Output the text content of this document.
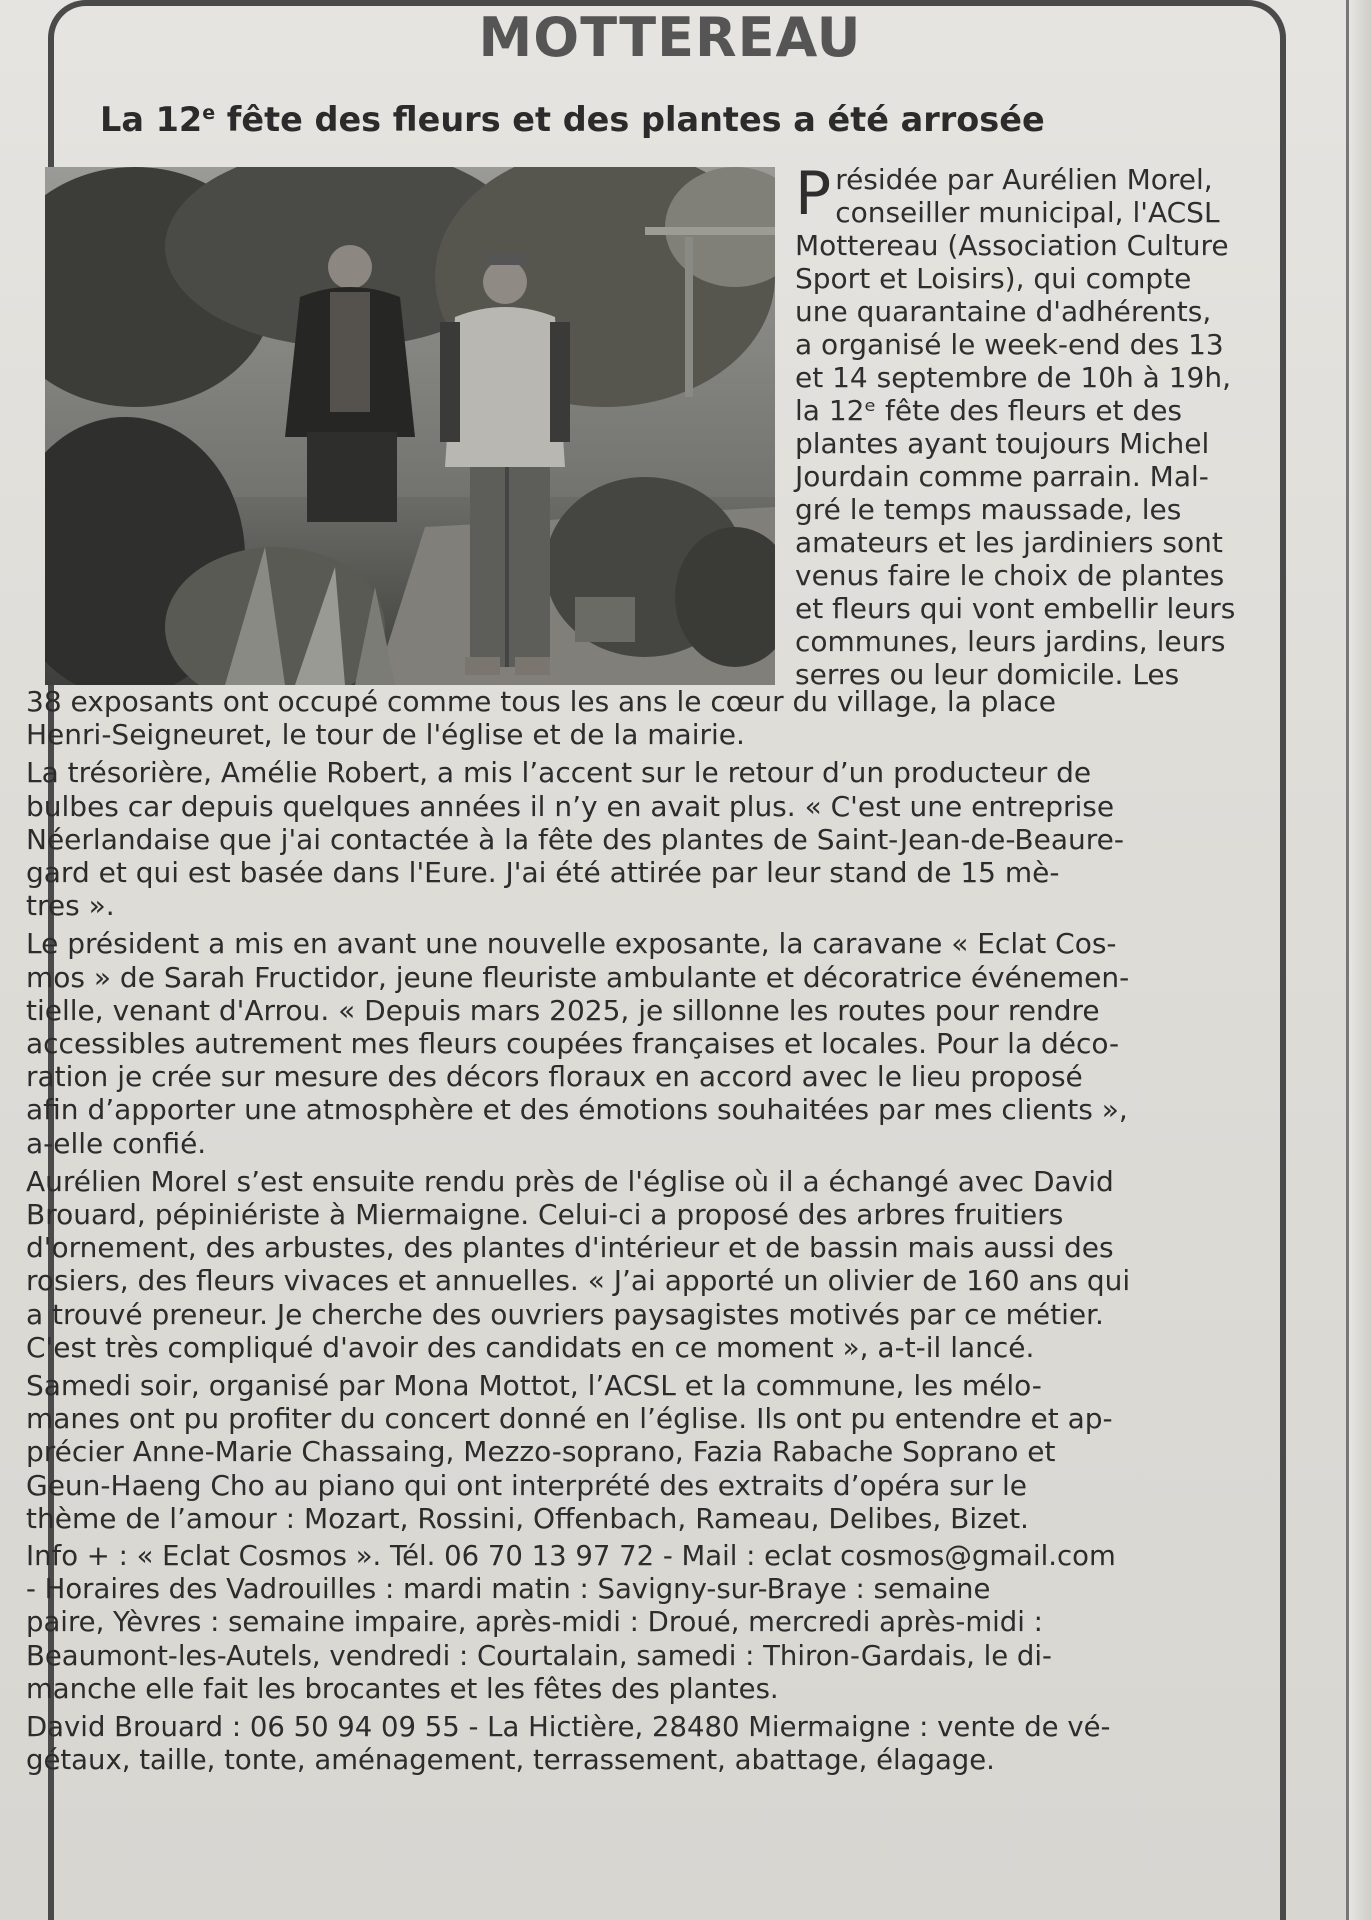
MOTTEREAU
La 12e fête des fleurs et des plantes a été arrosée
P résidée par Aurélien Morel,
conseiller municipal, l'ACSL
Mottereau (Association Culture
Sport et Loisirs), qui compte
une quarantaine d'adhérents,
a organisé le week-end des 13
et 14 septembre de 10h à 19h,
la 12ᵉ fête des fleurs et des
plantes ayant toujours Michel
Jourdain comme parrain. Mal-
gré le temps maussade, les
amateurs et les jardiniers sont
venus faire le choix de plantes
et fleurs qui vont embellir leurs
communes, leurs jardins, leurs
serres ou leur domicile. Les
38 exposants ont occupé comme tous les ans le cœur du village, la place
Henri-Seigneuret, le tour de l'église et de la mairie.
La trésorière, Amélie Robert, a mis l’accent sur le retour d’un producteur de
bulbes car depuis quelques années il n’y en avait plus. « C'est une entreprise
Néerlandaise que j'ai contactée à la fête des plantes de Saint-Jean-de-Beaure-
gard et qui est basée dans l'Eure. J'ai été attirée par leur stand de 15 mè-
tres ».
Le président a mis en avant une nouvelle exposante, la caravane « Eclat Cos-
mos » de Sarah Fructidor, jeune fleuriste ambulante et décoratrice événemen-
tielle, venant d'Arrou. « Depuis mars 2025, je sillonne les routes pour rendre
accessibles autrement mes fleurs coupées françaises et locales. Pour la déco-
ration je crée sur mesure des décors floraux en accord avec le lieu proposé
afin d’apporter une atmosphère et des émotions souhaitées par mes clients »,
a-elle confié.
Aurélien Morel s’est ensuite rendu près de l'église où il a échangé avec David
Brouard, pépiniériste à Miermaigne. Celui-ci a proposé des arbres fruitiers
d'ornement, des arbustes, des plantes d'intérieur et de bassin mais aussi des
rosiers, des fleurs vivaces et annuelles. « J’ai apporté un olivier de 160 ans qui
a trouvé preneur. Je cherche des ouvriers paysagistes motivés par ce métier.
C'est très compliqué d'avoir des candidats en ce moment », a-t-il lancé.
Samedi soir, organisé par Mona Mottot, l’ACSL et la commune, les mélo-
manes ont pu profiter du concert donné en l’église. Ils ont pu entendre et ap-
précier Anne-Marie Chassaing, Mezzo-soprano, Fazia Rabache Soprano et
Geun-Haeng Cho au piano qui ont interprété des extraits d’opéra sur le
thème de l’amour : Mozart, Rossini, Offenbach, Rameau, Delibes, Bizet.
Info + : « Eclat Cosmos ». Tél. 06 70 13 97 72 - Mail : eclat cosmos@gmail.com
- Horaires des Vadrouilles : mardi matin : Savigny-sur-Braye : semaine
paire, Yèvres : semaine impaire, après-midi : Droué, mercredi après-midi :
Beaumont-les-Autels, vendredi : Courtalain, samedi : Thiron-Gardais, le di-
manche elle fait les brocantes et les fêtes des plantes.
David Brouard : 06 50 94 09 55 - La Hictière, 28480 Miermaigne : vente de vé-
gétaux, taille, tonte, aménagement, terrassement, abattage, élagage.
